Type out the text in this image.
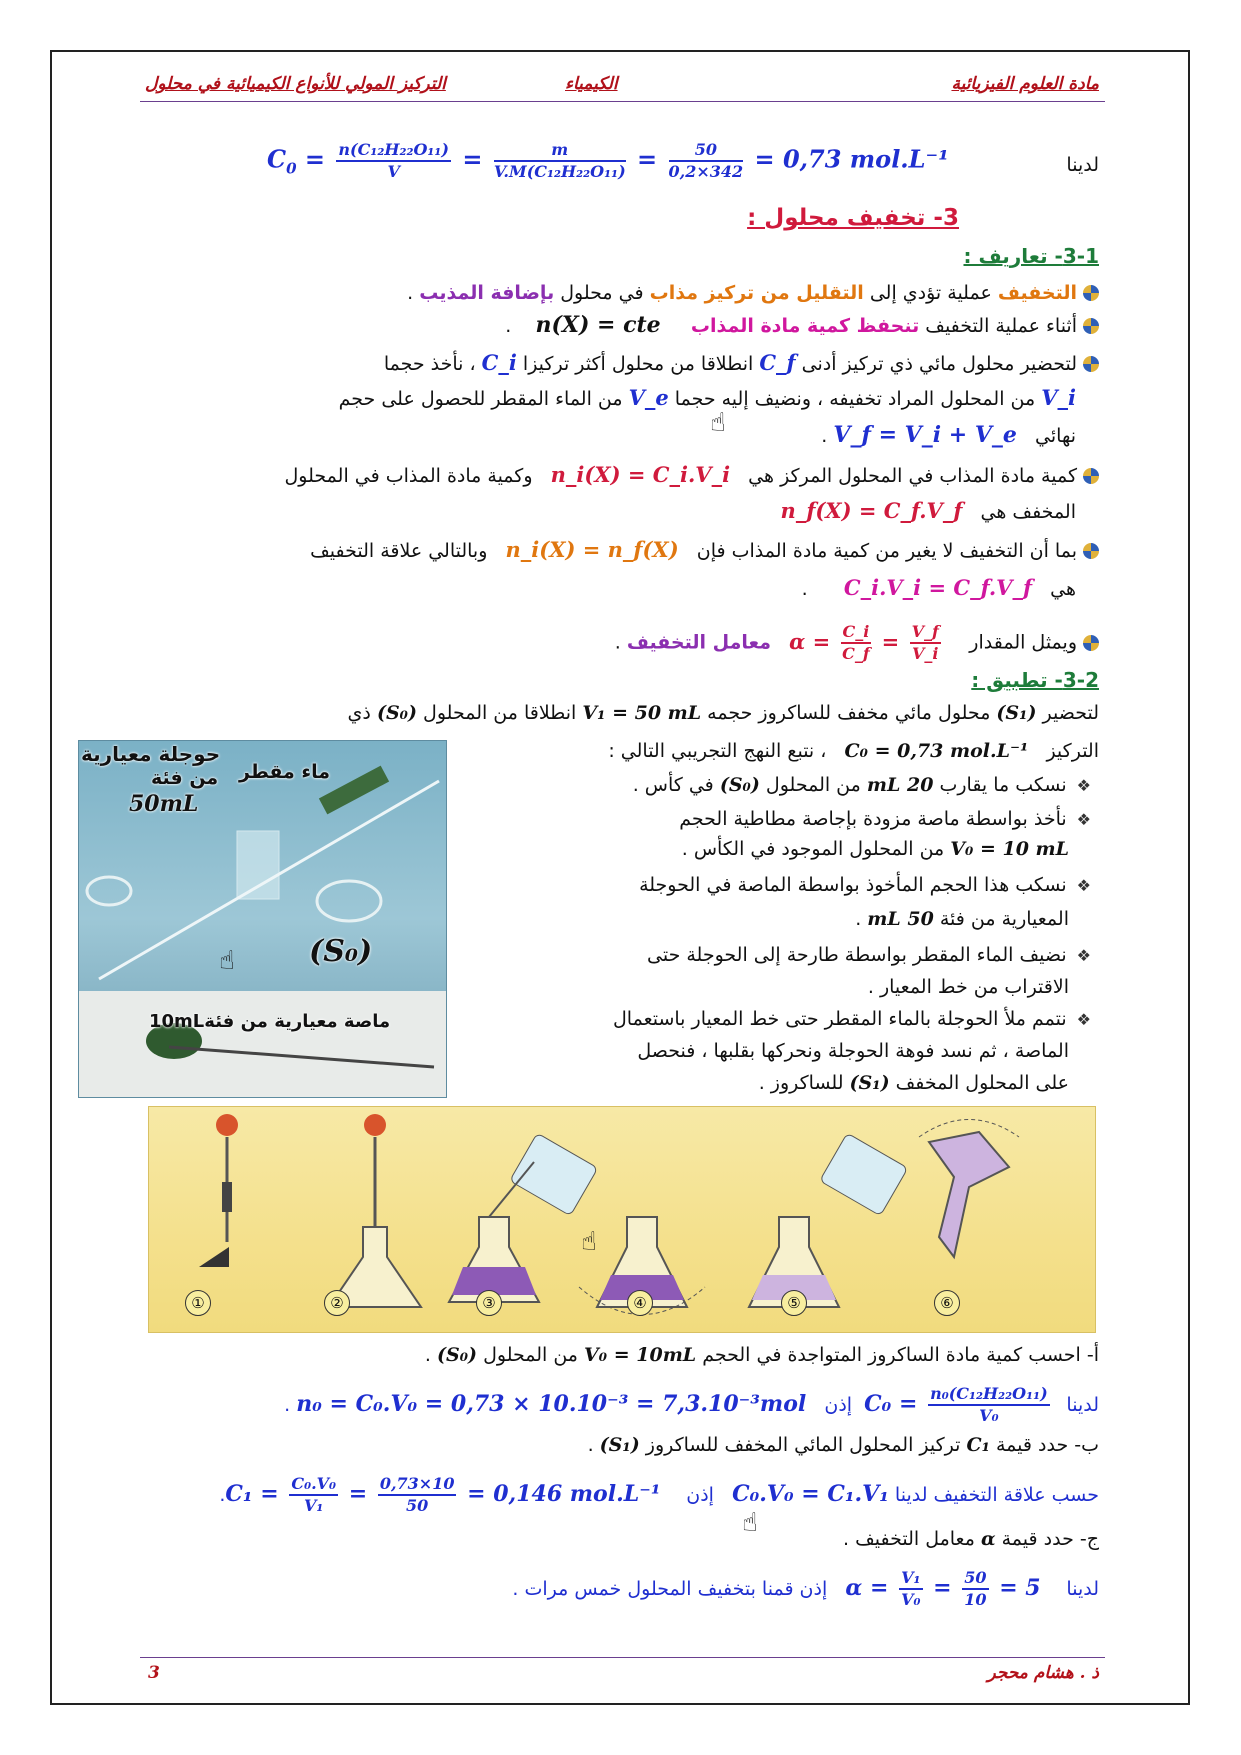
مادة العلوم الفيزيائية
الكيمياء
التركيز المولي للأنواع الكيميائية في محلول
لدينا
$C_0 = \frac{\text{n(C₁₂H₂₂O₁₁)}}{V} = \frac{m}{\text{V.M(C₁₂H₂₂O₁₁)}} = \frac{50}{0,2\times 342} = 0,73$ mol.L⁻¹
3- تخفيف محلول :
3-1- تعاريف :
التخفيف عملية تؤدي إلى التقليل من تركيز مذاب في محلول بإضافة المذيب .
أثناء عملية التخفيف تنحفظ كمية مادة المذاب     n(X) = cte    .
لتحضير محلول مائي ذي تركيز أدنى C_f انطلاقا من محلول أكثر تركيزا C_i ، نأخذ حجما
V_i من المحلول المراد تخفيفه ، ونضيف إليه حجما V_e من الماء المقطر للحصول على حجم
نهائي   V_f = V_i + V_e .
☝
كمية مادة المذاب في المحلول المركز هي   n_i(X) = C_i.V_i   وكمية مادة المذاب في المحلول
المخفف هي   n_f(X) = C_f.V_f
بما أن التخفيف لا يغير من كمية مادة المذاب فإن   n_i(X) = n_f(X)   وبالتالي علاقة التخفيف
هي   C_i.V_i = C_f.V_f      .
ويمثل المقدار   $\alpha = \frac{C\_i}{C\_f} = \frac{V\_f}{V\_i}$
معامل التخفيف .
3-2- تطبيق :
لتحضير (S₁) محلول مائي مخفف للساكروز حجمه V₁ = 50 mL انطلاقا من المحلول (S₀) ذي
التركيز   C₀ = 0,73 mol.L⁻¹   ، نتبع النهج التجريبي التالي :
❖نسكب ما يقارب 20 mL من المحلول (S₀) في كأس .
❖نأخذ بواسطة ماصة مزودة بإجاصة مطاطية الحجم
V₀ = 10 mL من المحلول الموجود في الكأس .
❖نسكب هذا الحجم المأخوذ بواسطة الماصة في الحوجلة
المعيارية من فئة 50 mL .
❖نضيف الماء المقطر بواسطة طارحة إلى الحوجلة حتى
الاقتراب من خط المعيار .
❖نتمم ملأ الحوجلة بالماء المقطر حتى خط المعيار باستعمال
الماصة ، ثم نسد فوهة الحوجلة ونحركها بقلبها ، فنحصل
على المحلول المخفف (S₁) للساكروز .
حوجلة معيارية
من فئة
50mL
ماء مقطر
(S₀)
☝
ماصة معيارية من فئة10mL
①	②	③	④	⑤	⑥
☝
أ- احسب كمية مادة الساكروز المتواجدة في الحجم V₀ = 10mL من المحلول (S₀) .
لدينا $C_0 = \frac{\text{n₀(C₁₂H₂₂O₁₁)}}{\text{V₀}}$
إذن   n₀ = C₀.V₀ = 0,73 × 10.10⁻³ = 7,3.10⁻³mol .
ب- حدد قيمة C₁ تركيز المحلول المائي المخفف للساكروز (S₁) .
حسب علاقة التخفيف لدينا C₀.V₀ = C₁.V₁   إذن   $C_1 = \frac{\text{C₀.V₀}}{\text{V₁}} = \frac{0,73\times 10}{50} = 0,146$ mol.L⁻¹ .
ج- حدد قيمة α معامل التخفيف .
☝
لدينا   $\alpha = \frac{\text{V₁}}{\text{V₀}} = \frac{50}{10} = 5$    إذن قمنا بتخفيف المحلول خمس مرات .
ذ . هشام محجر
3
